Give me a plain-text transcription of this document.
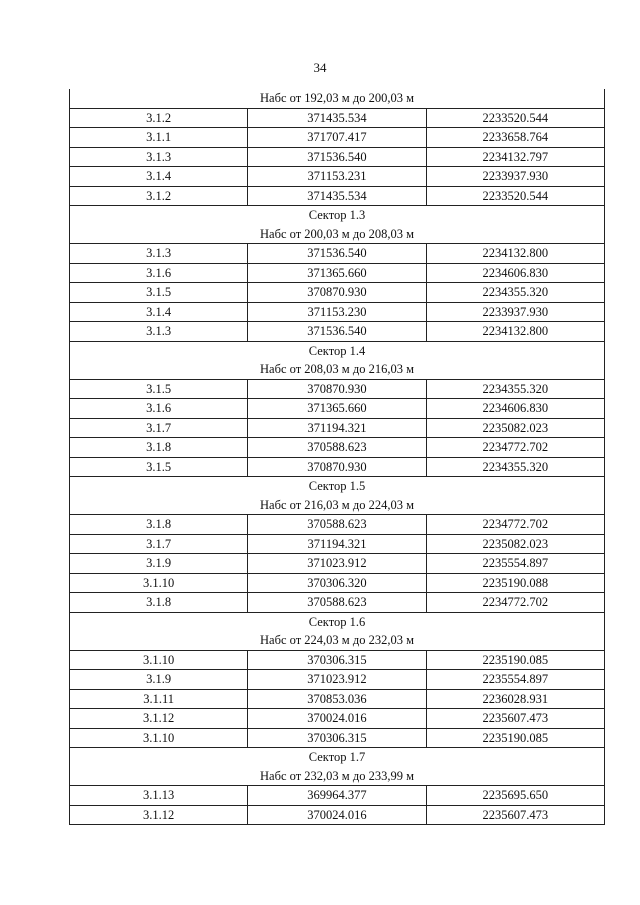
34
Набс от 192,03 м до 200,03 м		
3.1.2	371435.534	2233520.544
3.1.1	371707.417	2233658.764
3.1.3	371536.540	2234132.797
3.1.4	371153.231	2233937.930
3.1.2	371435.534	2233520.544
Сектор 1.3		
Набс от 200,03 м до 208,03 м		
3.1.3	371536.540	2234132.800
3.1.6	371365.660	2234606.830
3.1.5	370870.930	2234355.320
3.1.4	371153.230	2233937.930
3.1.3	371536.540	2234132.800
Сектор 1.4		
Набс от 208,03 м до 216,03 м		
3.1.5	370870.930	2234355.320
3.1.6	371365.660	2234606.830
3.1.7	371194.321	2235082.023
3.1.8	370588.623	2234772.702
3.1.5	370870.930	2234355.320
Сектор 1.5		
Набс от 216,03 м до 224,03 м		
3.1.8	370588.623	2234772.702
3.1.7	371194.321	2235082.023
3.1.9	371023.912	2235554.897
3.1.10	370306.320	2235190.088
3.1.8	370588.623	2234772.702
Сектор 1.6		
Набс от 224,03 м до 232,03 м		
3.1.10	370306.315	2235190.085
3.1.9	371023.912	2235554.897
3.1.11	370853.036	2236028.931
3.1.12	370024.016	2235607.473
3.1.10	370306.315	2235190.085
Сектор 1.7		
Набс от 232,03 м до 233,99 м		
3.1.13	369964.377	2235695.650
3.1.12	370024.016	2235607.473
